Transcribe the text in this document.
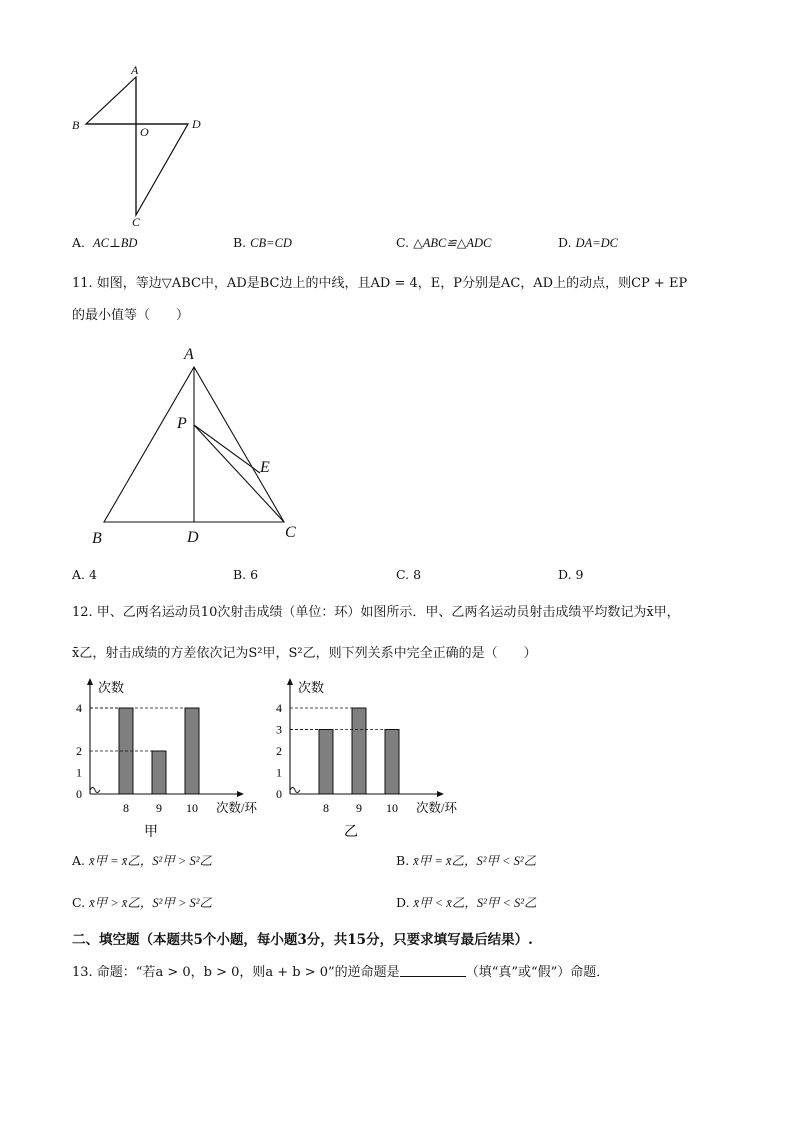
A
B	O
D
C
A. AC⊥BD	B. CB=CD	C. △ABC≌△ADC	D. DA=DC
11. 如图，等边▽ABC中，AD是BC边上的中线，且AD = 4，E，P分别是AC，AD上的动点，则CP + EP
的最小值等（　　）
A
P
E
B	D	C
A. 4	B. 6	C. 8	D. 9
12. 甲、乙两名运动员10次射击成绩（单位：环）如图所示．甲、乙两名运动员射击成绩平均数记为x̄甲，
x̄乙，射击成绩的方差依次记为S²甲，S²乙，则下列关系中完全正确的是（　　）
次数
次数/环
0
1
2
4
8 9 10
甲
次数
次数/环
0
1
2
3
4
8 9 10
乙
A. x̄甲 = x̄乙，S²甲 > S²乙	B. x̄甲 = x̄乙，S²甲 < S²乙
C. x̄甲 > x̄乙，S²甲 > S²乙	D. x̄甲 < x̄乙，S²甲 < S²乙
二、填空题（本题共5个小题，每小题3分，共15分，只要求填写最后结果）.
13. 命题：“若a > 0，b > 0，则a + b > 0”的逆命题是	（填“真”或“假”）命题．
